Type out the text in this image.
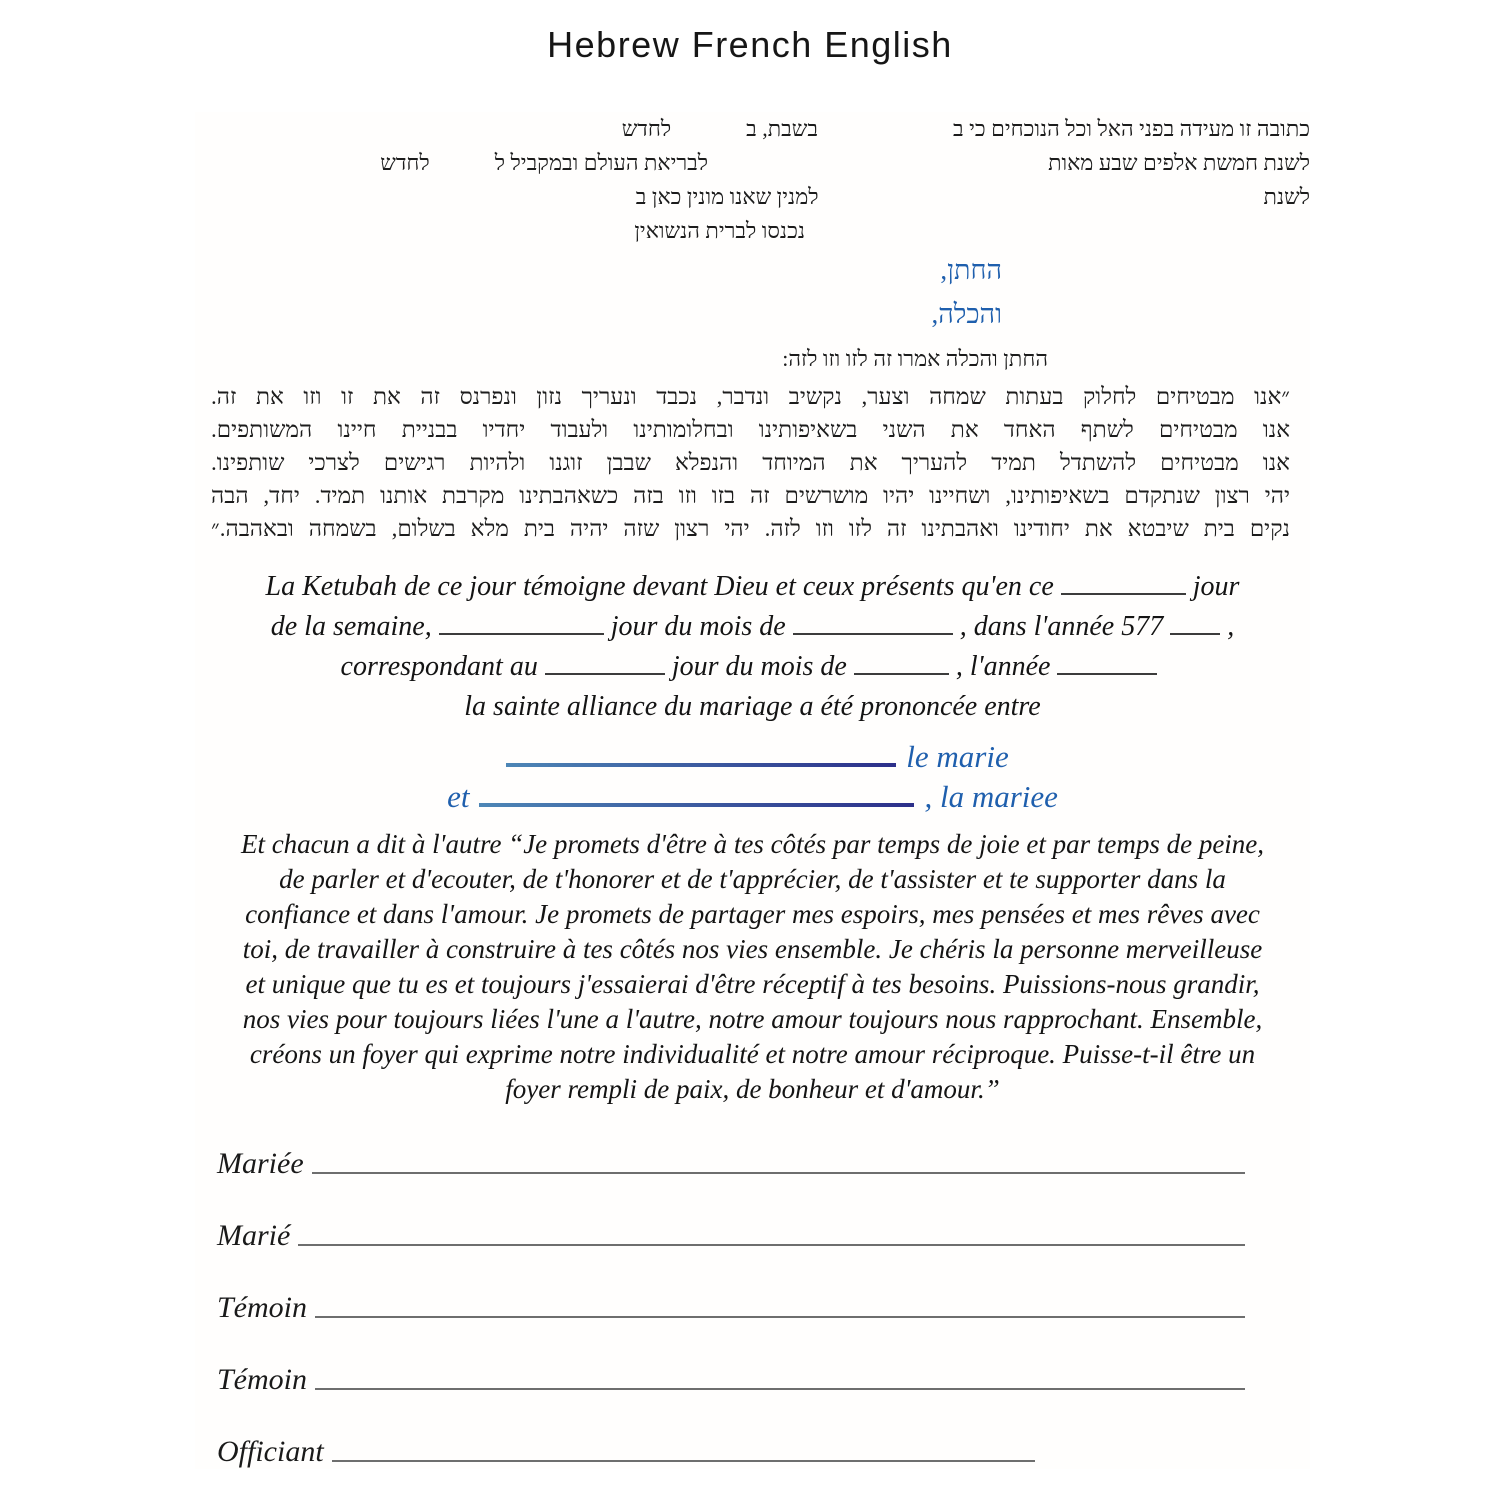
Hebrew French English
כתובה זו מעידה בפני האל וכל הנוכחים כי בבשבת, בלחדש
לשנת חמשת אלפים שבע מאותלבריאת העולם ובמקביל ללחדש
לשנתלמנין שאנו מונין כאן ב
נכנסו לברית הנשואין
החתן,
והכלה,
החתן והכלה אמרו זה לזו וזו לזה:
״אנו מבטיחים לחלוק בעתות שמחה וצער, נקשיב ונדבר, נכבד ונעריך נזון ונפרנס זה את זו וזו את זה.
אנו מבטיחים לשתף האחד את השני בשאיפותינו ובחלומותינו ולעבוד יחדיו בבניית חיינו המשותפים.
אנו מבטיחים להשתדל תמיד להעריך את המיוחד והנפלא שבבן זוגנו ולהיות רגישים לצרכי שותפינו.
יהי רצון שנתקדם בשאיפותינו, ושחיינו יהיו מושרשים זה בזו וזו בזה כשאהבתינו מקרבת אותנו תמיד. יחד, הבה
נקים בית שיבטא את יחודינו ואהבתינו זה לזו וזו לזה. יהי רצון שזה יהיה בית מלא בשלום, בשמחה ובאהבה.״
La Ketubah de ce jour témoigne devant Dieu et ceux présents qu'en ce	jour
de la semaine,	jour du mois de	, dans l'année 577 ,
correspondant au	jour du mois de	, l'année
la sainte alliance du mariage a été prononcée entre
le marie
et	, la mariee
Et chacun a dit à l'autre “Je promets d'être à tes côtés par temps de joie et par temps de peine,
de parler et d'ecouter, de t'honorer et de t'apprécier, de t'assister et te supporter dans la
confiance et dans l'amour. Je promets de partager mes espoirs, mes pensées et mes rêves avec
toi, de travailler à construire à tes côtés nos vies ensemble. Je chéris la personne merveilleuse
et unique que tu es et toujours j'essaierai d'être réceptif à tes besoins. Puissions-nous grandir,
nos vies pour toujours liées l'une a l'autre, notre amour toujours nous rapprochant. Ensemble,
créons un foyer qui exprime notre individualité et notre amour réciproque. Puisse-t-il être un
foyer rempli de paix, de bonheur et d'amour.”
Mariée
Marié
Témoin
Témoin
Officiant
